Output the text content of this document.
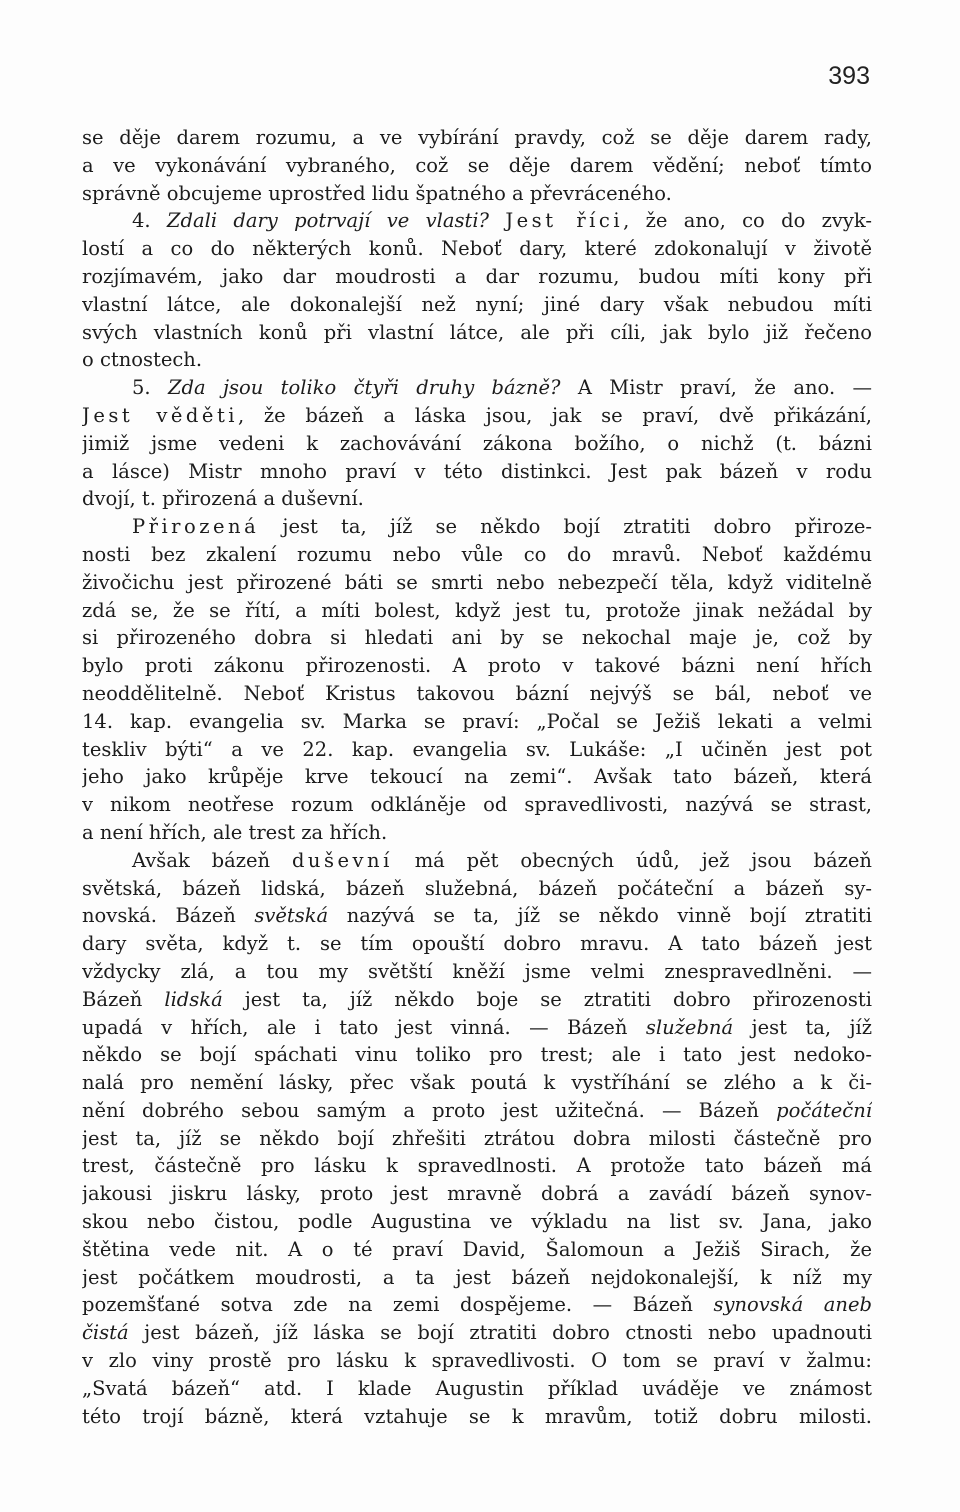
393
se děje darem rozumu, a ve vybírání pravdy, což se děje darem rady,
a ve vykonávání vybraného, což se děje darem vědění; neboť tímto
správně obcujeme uprostřed lidu špatného a převráceného.
4. Zdali dary potrvají ve vlasti? Jest říci, že ano, co do zvyk-
lostí a co do některých konů. Neboť dary, které zdokonalují v životě
rozjímavém, jako dar moudrosti a dar rozumu, budou míti kony při
vlastní látce, ale dokonalejší než nyní; jiné dary však nebudou míti
svých vlastních konů při vlastní látce, ale při cíli, jak bylo již řečeno
o ctnostech.
5. Zda jsou toliko čtyři druhy bázně? A Mistr praví, že ano. —
Jest věděti, že bázeň a láska jsou, jak se praví, dvě přikázání,
jimiž jsme vedeni k zachovávání zákona božího, o nichž (t. bázni
a lásce) Mistr mnoho praví v této distinkci. Jest pak bázeň v rodu
dvojí, t. přirozená a duševní.
Přirozená jest ta, jíž se někdo bojí ztratiti dobro přiroze-
nosti bez zkalení rozumu nebo vůle co do mravů. Neboť každému
živočichu jest přirozené báti se smrti nebo nebezpečí těla, když viditelně
zdá se, že se řítí, a míti bolest, když jest tu, protože jinak nežádal by
si přirozeného dobra si hledati ani by se nekochal maje je, což by
bylo proti zákonu přirozenosti. A proto v takové bázni není hřích
neoddělitelně. Neboť Kristus takovou bázní nejvýš se bál, neboť ve
14. kap. evangelia sv. Marka se praví: „Počal se Ježiš lekati a velmi
teskliv býti“ a ve 22. kap. evangelia sv. Lukáše: „I učiněn jest pot
jeho jako krůpěje krve tekoucí na zemi“. Avšak tato bázeň, která
v nikom neotřese rozum odkláněje od spravedlivosti, nazývá se strast,
a není hřích, ale trest za hřích.
Avšak bázeň duševní má pět obecných údů, jež jsou bázeň
světská, bázeň lidská, bázeň služebná, bázeň počáteční a bázeň sy-
novská. Bázeň světská nazývá se ta, jíž se někdo vinně bojí ztratiti
dary světa, když t. se tím opouští dobro mravu. A tato bázeň jest
vždycky zlá, a tou my světští kněží jsme velmi znespravedlněni. —
Bázeň lidská jest ta, jíž někdo boje se ztratiti dobro přirozenosti
upadá v hřích, ale i tato jest vinná. — Bázeň služebná jest ta, jíž
někdo se bojí spáchati vinu toliko pro trest; ale i tato jest nedoko-
nalá pro nemění lásky, přec však poutá k vystříhání se zlého a k či-
nění dobrého sebou samým a proto jest užitečná. — Bázeň počáteční
jest ta, jíž se někdo bojí zhřešiti ztrátou dobra milosti částečně pro
trest, částečně pro lásku k spravedlnosti. A protože tato bázeň má
jakousi jiskru lásky, proto jest mravně dobrá a zavádí bázeň synov-
skou nebo čistou, podle Augustina ve výkladu na list sv. Jana, jako
štětina vede nit. A o té praví David, Šalomoun a Ježiš Sirach, že
jest počátkem moudrosti, a ta jest bázeň nejdokonalejší, k níž my
pozemšťané sotva zde na zemi dospějeme. — Bázeň synovská aneb
čistá jest bázeň, jíž láska se bojí ztratiti dobro ctnosti nebo upadnouti
v zlo viny prostě pro lásku k spravedlivosti. O tom se praví v žalmu:
„Svatá bázeň“ atd. I klade Augustin příklad uváděje ve známost
této trojí bázně, která vztahuje se k mravům, totiž dobru milosti.
